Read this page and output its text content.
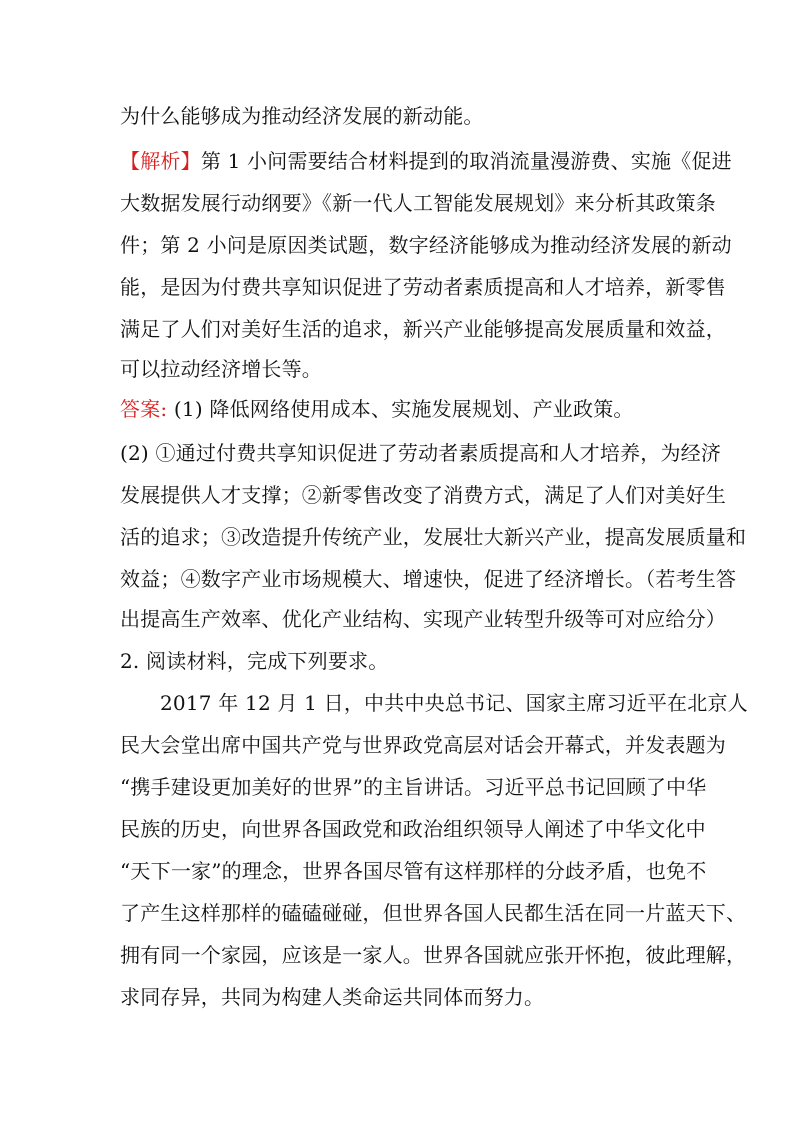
为什么能够成为推动经济发展的新动能。
【解析】第 1 小问需要结合材料提到的取消流量漫游费、实施《促进
大数据发展行动纲要》《新一代人工智能发展规划》来分析其政策条
件；第 2 小问是原因类试题，数字经济能够成为推动经济发展的新动
能，是因为付费共享知识促进了劳动者素质提高和人才培养，新零售
满足了人们对美好生活的追求，新兴产业能够提高发展质量和效益，
可以拉动经济增长等。
答案: (1) 降低网络使用成本、实施发展规划、产业政策。
(2) ①通过付费共享知识促进了劳动者素质提高和人才培养，为经济
发展提供人才支撑；②新零售改变了消费方式，满足了人们对美好生
活的追求；③改造提升传统产业，发展壮大新兴产业，提高发展质量和
效益；④数字产业市场规模大、增速快，促进了经济增长。（若考生答
出提高生产效率、优化产业结构、实现产业转型升级等可对应给分）
2. 阅读材料，完成下列要求。
2017 年 12 月 1 日，中共中央总书记、国家主席习近平在北京人
民大会堂出席中国共产党与世界政党高层对话会开幕式，并发表题为
“携手建设更加美好的世界”的主旨讲话。习近平总书记回顾了中华
民族的历史，向世界各国政党和政治组织领导人阐述了中华文化中
“天下一家”的理念，世界各国尽管有这样那样的分歧矛盾，也免不
了产生这样那样的磕磕碰碰，但世界各国人民都生活在同一片蓝天下、
拥有同一个家园，应该是一家人。世界各国就应张开怀抱，彼此理解，
求同存异，共同为构建人类命运共同体而努力。
